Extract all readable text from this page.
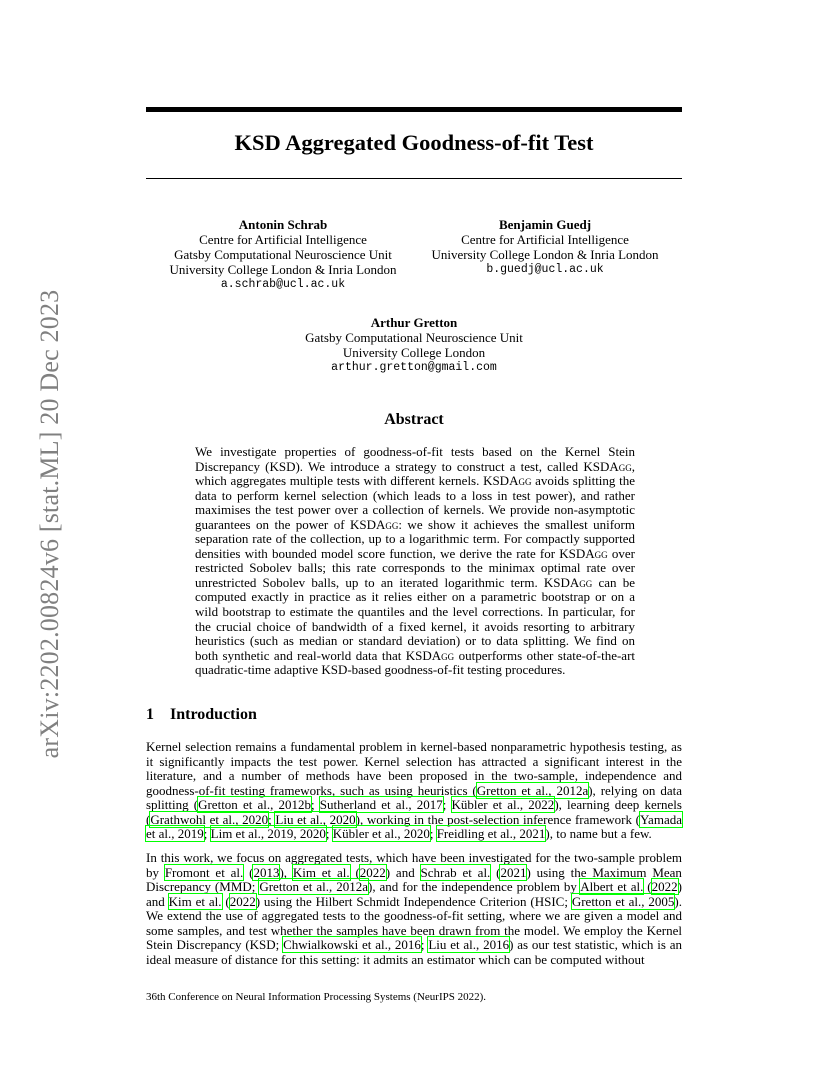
arXiv:2202.00824v6 [stat.ML] 20 Dec 2023
KSD Aggregated Goodness-of-fit Test
Antonin Schrab
Centre for Artificial Intelligence
Gatsby Computational Neuroscience Unit
University College London & Inria London
a.schrab@ucl.ac.uk
Benjamin Guedj
Centre for Artificial Intelligence
University College London & Inria London
b.guedj@ucl.ac.uk
Arthur Gretton
Gatsby Computational Neuroscience Unit
University College London
arthur.gretton@gmail.com
Abstract
We investigate properties of goodness-of-fit tests based on the Kernel Stein Discrepancy (KSD). We introduce a strategy to construct a test, called KSDAgg, which aggregates multiple tests with different kernels. KSDAgg avoids splitting the data to perform kernel selection (which leads to a loss in test power), and rather maximises the test power over a collection of kernels. We provide non-asymptotic guarantees on the power of KSDAgg: we show it achieves the smallest uniform separation rate of the collection, up to a logarithmic term. For compactly supported densities with bounded model score function, we derive the rate for KSDAgg over restricted Sobolev balls; this rate corresponds to the minimax optimal rate over unrestricted Sobolev balls, up to an iterated logarithmic term. KSDAgg can be computed exactly in practice as it relies either on a parametric bootstrap or on a wild bootstrap to estimate the quantiles and the level corrections. In particular, for the crucial choice of bandwidth of a fixed kernel, it avoids resorting to arbitrary heuristics (such as median or standard deviation) or to data splitting. We find on both synthetic and real-world data that KSDAgg outperforms other state-of-the-art quadratic-time adaptive KSD-based goodness-of-fit testing procedures.
1 Introduction
Kernel selection remains a fundamental problem in kernel-based nonparametric hypothesis testing, as it significantly impacts the test power. Kernel selection has attracted a significant interest in the literature, and a number of methods have been proposed in the two-sample, independence and goodness-of-fit testing frameworks, such as using heuristics (Gretton et al., 2012a), relying on data splitting (Gretton et al., 2012b; Sutherland et al., 2017; Kübler et al., 2022), learning deep kernels (Grathwohl et al., 2020; Liu et al., 2020), working in the post-selection inference framework (Yamada et al., 2019; Lim et al., 2019, 2020; Kübler et al., 2020; Freidling et al., 2021), to name but a few.
In this work, we focus on aggregated tests, which have been investigated for the two-sample problem by Fromont et al. (2013), Kim et al. (2022) and Schrab et al. (2021) using the Maximum Mean Discrepancy (MMD; Gretton et al., 2012a), and for the independence problem by Albert et al. (2022) and Kim et al. (2022) using the Hilbert Schmidt Independence Criterion (HSIC; Gretton et al., 2005). We extend the use of aggregated tests to the goodness-of-fit setting, where we are given a model and some samples, and test whether the samples have been drawn from the model. We employ the Kernel Stein Discrepancy (KSD; Chwialkowski et al., 2016; Liu et al., 2016) as our test statistic, which is an ideal measure of distance for this setting: it admits an estimator which can be computed without
36th Conference on Neural Information Processing Systems (NeurIPS 2022).
